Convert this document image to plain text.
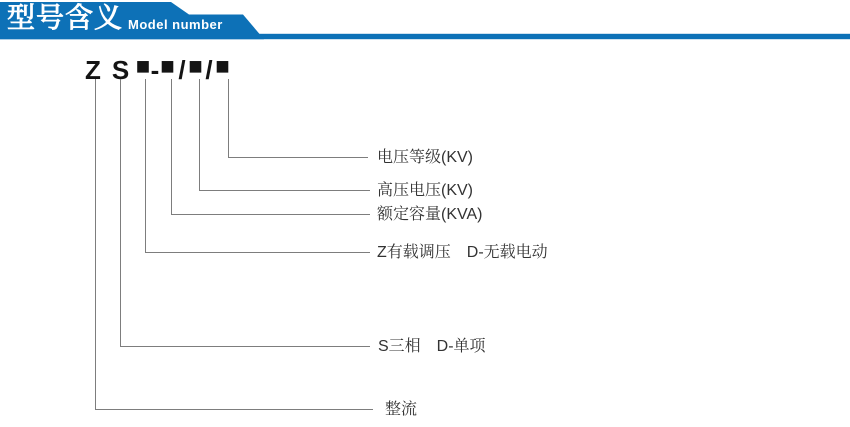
型号含义 Model number
Z S ■ - ■ / ■ / ■
电压等级(KV)
高压电压(KV)
额定容量(KVA)
Z有载调压　D-无载电动
S三相　D-单项
整流
